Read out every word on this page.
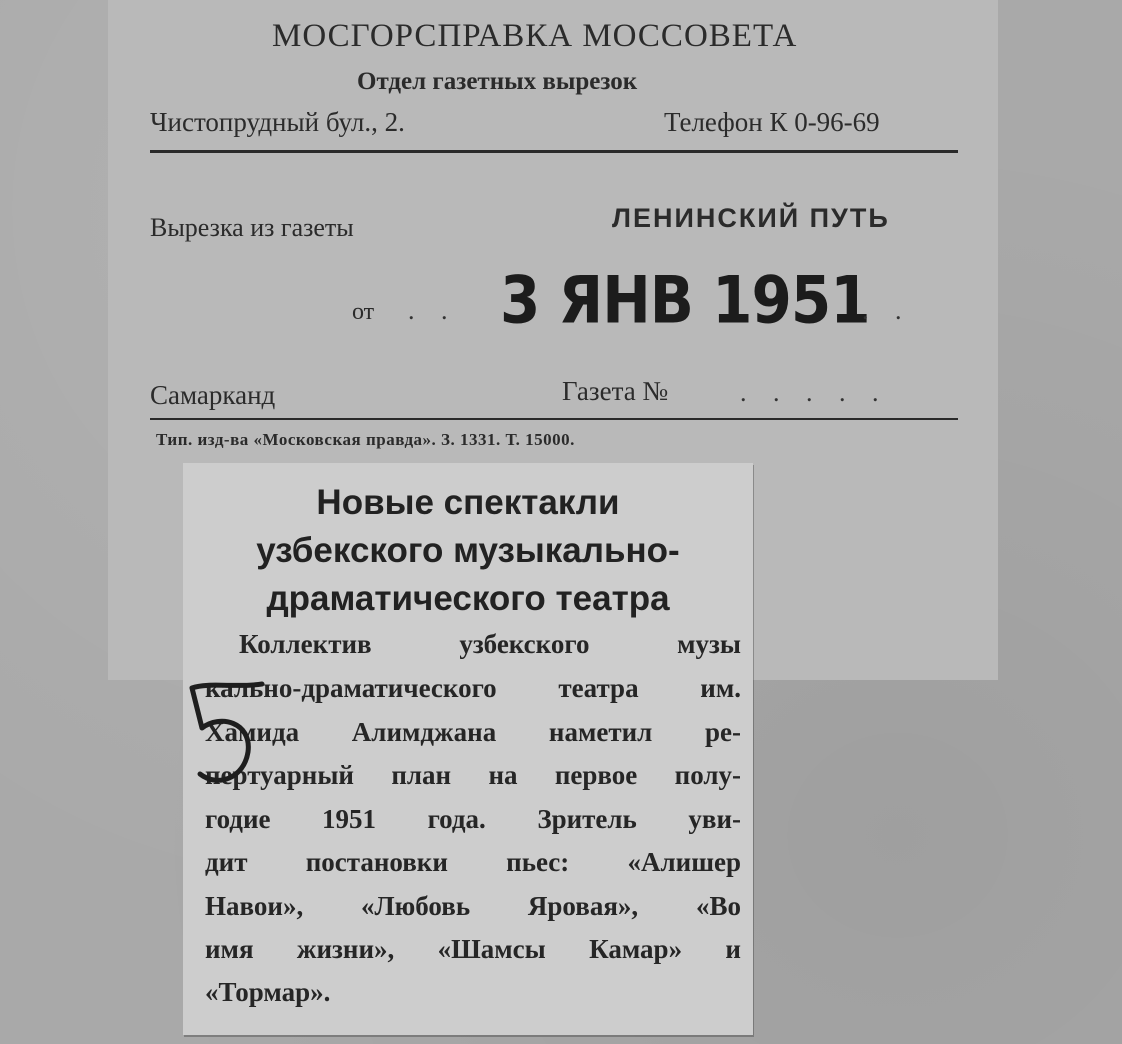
МОСГОРСПРАВКА МОССОВЕТА
Отдел газетных вырезок
Чистопрудный бул., 2.	Телефон К 0-96-69
Вырезка из газеты	ЛЕНИНСКИЙ ПУТЬ
от . . 3 ЯНВ 1951
. .
Самарканд	Газета №	. . . . .
Тип. изд-ва «Московская правда». З. 1331. Т. 15000.
Новые спектакли
узбекского музыкально-
драматического театра
Коллектив узбекского музы
кально-драматического театра им.
Хамида Алимджана наметил ре-
пертуарный план на первое полу-
годие 1951 года. Зритель уви-
дит постановки пьес: «Алишер
Навои», «Любовь Яровая», «Во
имя жизни», «Шамсы Камар» и
«Тормар».
